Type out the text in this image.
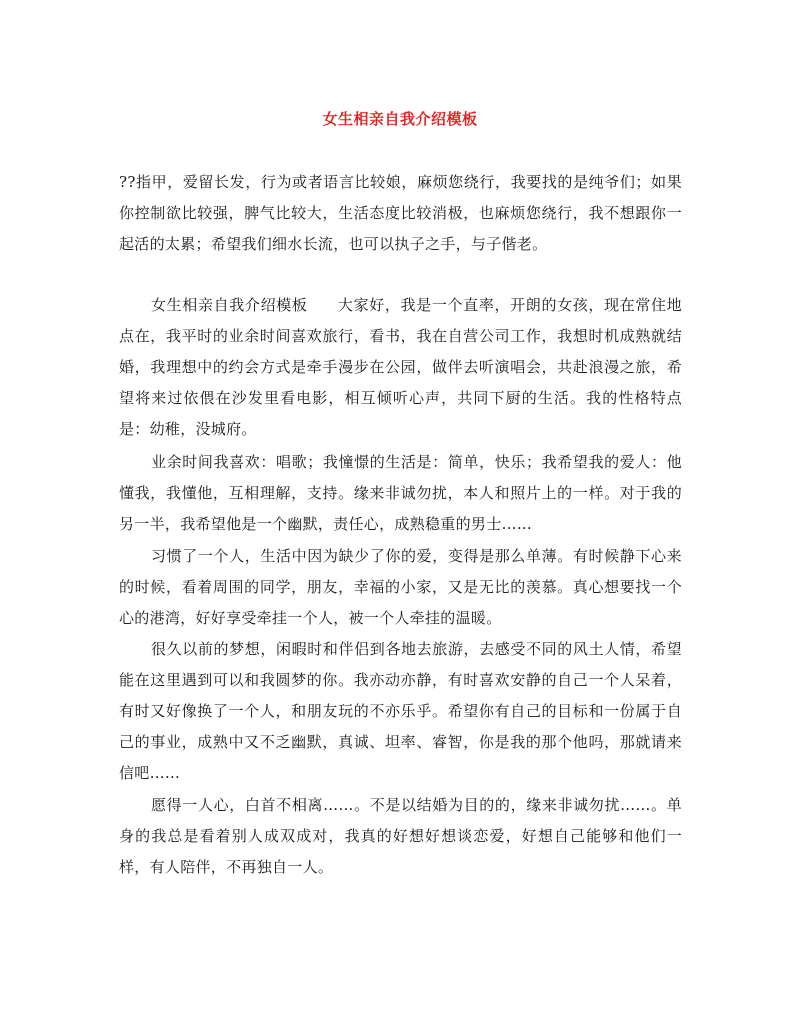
女生相亲自我介绍模板
??指甲，爱留长发，行为或者语言比较娘，麻烦您绕行，我要找的是纯爷们；如果你控制欲比较强，脾气比较大，生活态度比较消极，也麻烦您绕行，我不想跟你一起活的太累；希望我们细水长流，也可以执子之手，与子偕老。
女生相亲自我介绍模板 大家好，我是一个直率，开朗的女孩，现在常住地点在，我平时的业余时间喜欢旅行，看书，我在自营公司工作，我想时机成熟就结婚，我理想中的约会方式是牵手漫步在公园，做伴去听演唱会，共赴浪漫之旅，希望将来过依偎在沙发里看电影，相互倾听心声，共同下厨的生活。我的性格特点是：幼稚，没城府。
业余时间我喜欢：唱歌；我憧憬的生活是：简单，快乐；我希望我的爱人：他懂我，我懂他，互相理解，支持。缘来非诚勿扰，本人和照片上的一样。对于我的另一半，我希望他是一个幽默，责任心，成熟稳重的男士……
习惯了一个人，生活中因为缺少了你的爱，变得是那么单薄。有时候静下心来的时候，看着周围的同学，朋友，幸福的小家，又是无比的羡慕。真心想要找一个心的港湾，好好享受牵挂一个人，被一个人牵挂的温暖。
很久以前的梦想，闲暇时和伴侣到各地去旅游，去感受不同的风土人情，希望能在这里遇到可以和我圆梦的你。我亦动亦静，有时喜欢安静的自己一个人呆着，有时又好像换了一个人，和朋友玩的不亦乐乎。希望你有自己的目标和一份属于自己的事业，成熟中又不乏幽默，真诚、坦率、睿智，你是我的那个他吗，那就请来信吧……
愿得一人心，白首不相离……。不是以结婚为目的的，缘来非诚勿扰……。单身的我总是看着别人成双成对，我真的好想好想谈恋爱，好想自己能够和他们一样，有人陪伴，不再独自一人。
